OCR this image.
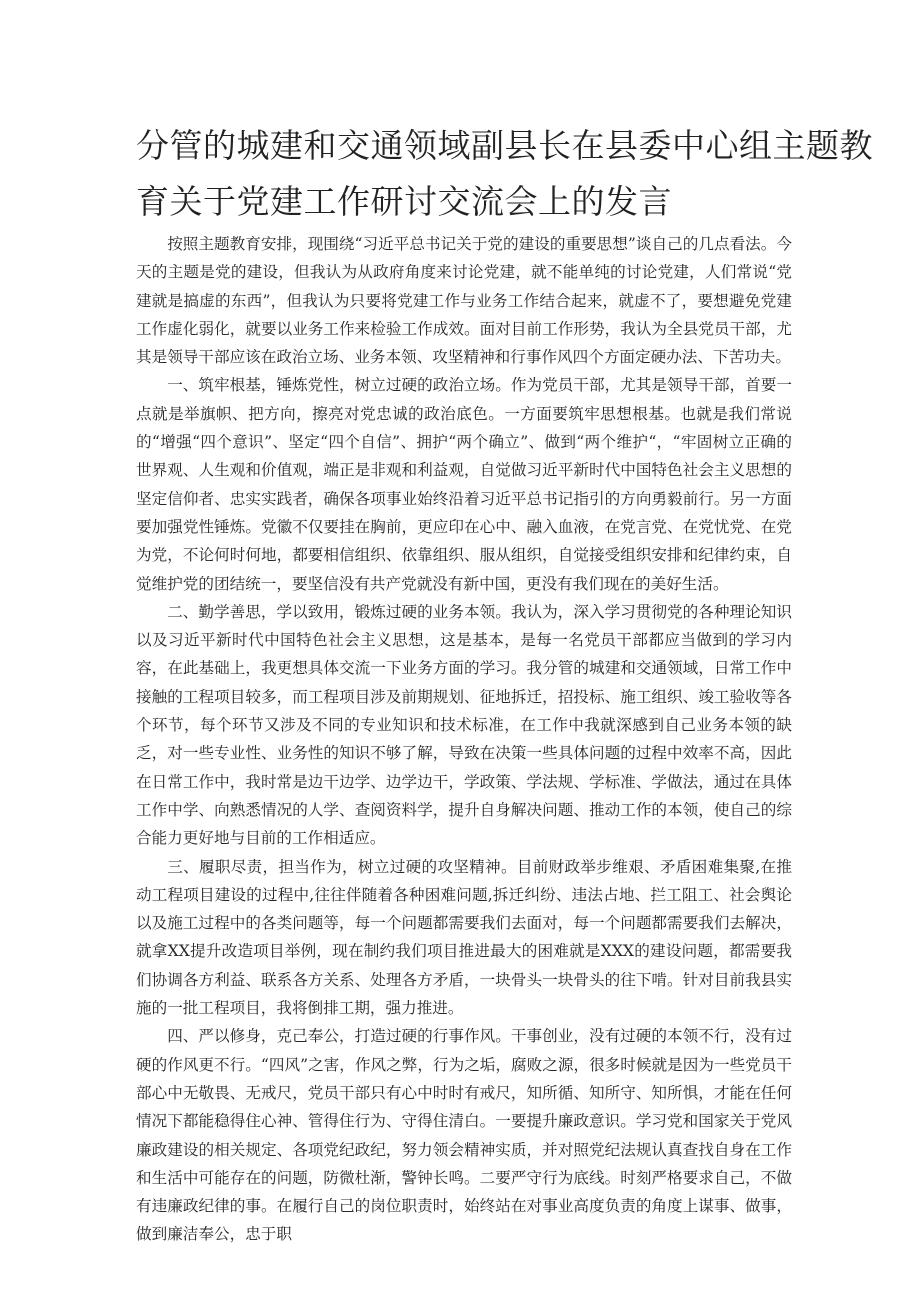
分管的城建和交通领域副县长在县委中心组主题教
育关于党建工作研讨交流会上的发言

按照主题教育安排，现围绕“习近平总书记关于党的建设的重要思想”谈自己的几点看法。今天的主题是党的建设，但我认为从政府角度来讨论党建，就不能单纯的讨论党建，人们常说“党建就是搞虚的东西”，但我认为只要将党建工作与业务工作结合起来，就虚不了，要想避免党建工作虚化弱化，就要以业务工作来检验工作成效。面对目前工作形势，我认为全县党员干部，尤其是领导干部应该在政治立场、业务本领、攻坚精神和行事作风四个方面定硬办法、下苦功夫。

一、筑牢根基，锤炼党性，树立过硬的政治立场。作为党员干部，尤其是领导干部，首要一点就是举旗帜、把方向，擦亮对党忠诚的政治底色。一方面要筑牢思想根基。也就是我们常说的“增强“四个意识”、坚定“四个自信”、拥护“两个确立”、做到“两个维护“，“牢固树立正确的世界观、人生观和价值观，端正是非观和利益观，自觉做习近平新时代中国特色社会主义思想的坚定信仰者、忠实实践者，确保各项事业始终沿着习近平总书记指引的方向勇毅前行。另一方面要加强党性锤炼。党徽不仅要挂在胸前，更应印在心中、融入血液，在党言党、在党忧党、在党为党，不论何时何地，都要相信组织、依靠组织、服从组织，自觉接受组织安排和纪律约束，自觉维护党的团结统一，要坚信没有共产党就没有新中国，更没有我们现在的美好生活。

二、勤学善思，学以致用，锻炼过硬的业务本领。我认为，深入学习贯彻党的各种理论知识以及习近平新时代中国特色社会主义思想，这是基本，是每一名党员干部都应当做到的学习内容，在此基础上，我更想具体交流一下业务方面的学习。我分管的城建和交通领域，日常工作中接触的工程项目较多，而工程项目涉及前期规划、征地拆迁，招投标、施工组织、竣工验收等各个环节，每个环节又涉及不同的专业知识和技术标准，在工作中我就深感到自己业务本领的缺乏，对一些专业性、业务性的知识不够了解，导致在决策一些具体问题的过程中效率不高，因此在日常工作中，我时常是边干边学、边学边干，学政策、学法规、学标准、学做法，通过在具体工作中学、向熟悉情况的人学、查阅资料学，提升自身解决问题、推动工作的本领，使自己的综合能力更好地与目前的工作相适应。

三、履职尽责，担当作为，树立过硬的攻坚精神。目前财政举步维艰、矛盾困难集聚,在推动工程项目建设的过程中,往往伴随着各种困难问题,拆迁纠纷、违法占地、拦工阻工、社会舆论以及施工过程中的各类问题等，每一个问题都需要我们去面对，每一个问题都需要我们去解决，就拿XX提升改造项目举例，现在制约我们项目推进最大的困难就是XXX的建设问题，都需要我们协调各方利益、联系各方关系、处理各方矛盾，一块骨头一块骨头的往下啃。针对目前我县实施的一批工程项目，我将倒排工期，强力推进。

四、严以修身，克己奉公，打造过硬的行事作风。干事创业，没有过硬的本领不行，没有过硬的作风更不行。“四风”之害，作风之弊，行为之垢，腐败之源，很多时候就是因为一些党员干部心中无敬畏、无戒尺，党员干部只有心中时时有戒尺，知所循、知所守、知所惧，才能在任何情况下都能稳得住心神、管得住行为、守得住清白。一要提升廉政意识。学习党和国家关于党风廉政建设的相关规定、各项党纪政纪，努力领会精神实质，并对照党纪法规认真查找自身在工作和生活中可能存在的问题，防微杜渐，警钟长鸣。二要严守行为底线。时刻严格要求自己，不做有违廉政纪律的事。在履行自己的岗位职责时，始终站在对事业高度负责的角度上谋事、做事，做到廉洁奉公，忠于职
